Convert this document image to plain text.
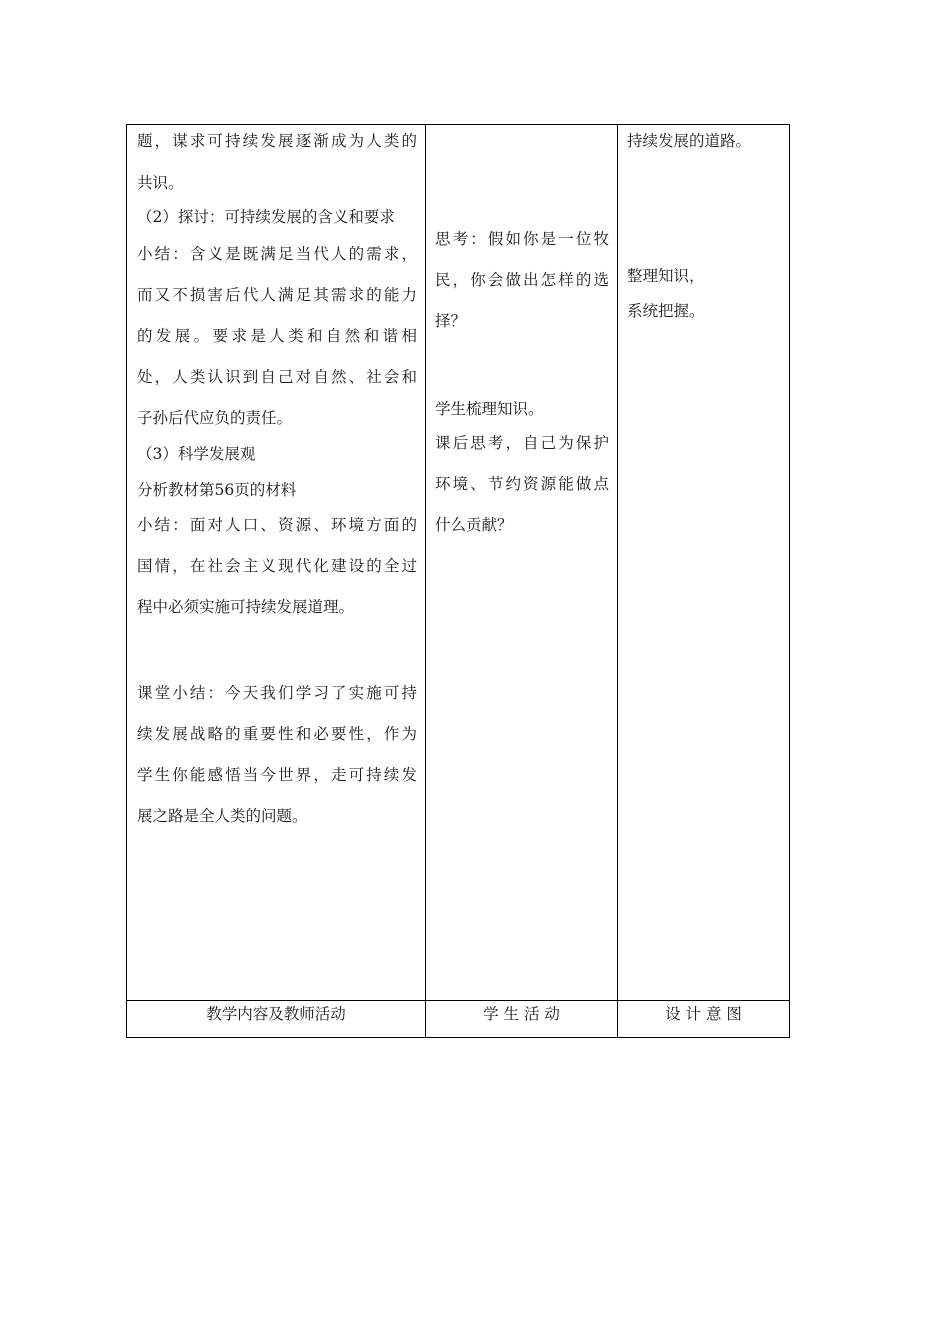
题，谋求可持续发展逐渐成为人类的
共识。
（2）探讨：可持续发展的含义和要求
小结：含义是既满足当代人的需求，
而又不损害后代人满足其需求的能力
的发展。要求是人类和自然和谐相
处，人类认识到自己对自然、社会和
子孙后代应负的责任。
（3）科学发展观
分析教材第56页的材料
小结：面对人口、资源、环境方面的
国情，在社会主义现代化建设的全过
程中必须实施可持续发展道理。
课堂小结：今天我们学习了实施可持
续发展战略的重要性和必要性，作为
学生你能感悟当今世界，走可持续发
展之路是全人类的问题。
思考：假如你是一位牧
民，你会做出怎样的选
择？
学生梳理知识。
课后思考，自己为保护
环境、节约资源能做点
什么贡献？
持续发展的道路。
整理知识，
系统把握。
教学内容及教师活动	学 生 活 动	设 计 意 图
